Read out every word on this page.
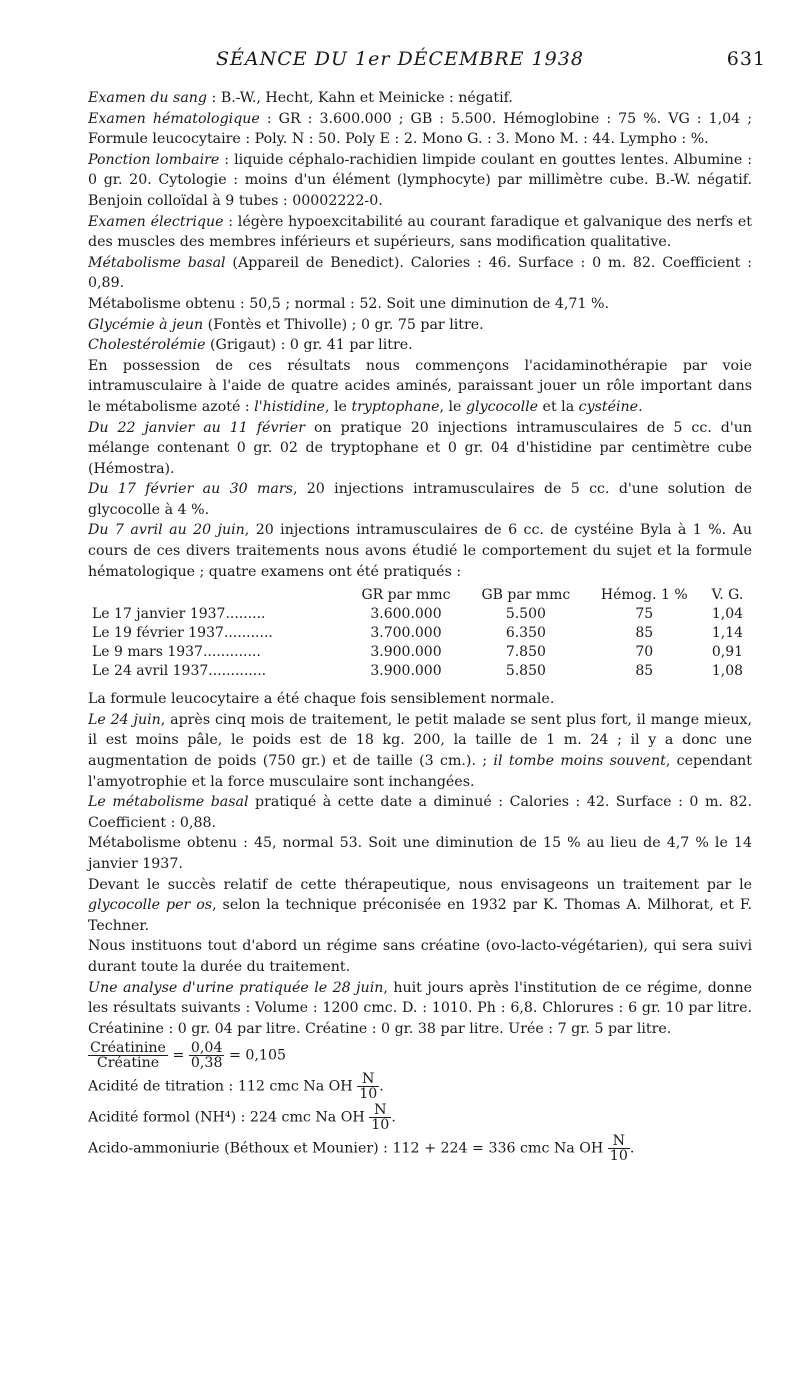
SÉANCE DU 1er DÉCEMBRE 1938	631

Examen du sang : B.-W., Hecht, Kahn et Meinicke : négatif.

Examen hématologique : GR : 3.600.000 ; GB : 5.500. Hémoglobine : 75 %. VG : 1,04 ; Formule leucocytaire : Poly. N : 50. Poly E : 2. Mono G. : 3. Mono M. : 44. Lympho : %.

Ponction lombaire : liquide céphalo-rachidien limpide coulant en gouttes lentes. Albumine : 0 gr. 20. Cytologie : moins d'un élément (lymphocyte) par millimètre cube. B.-W. négatif. Benjoin colloïdal à 9 tubes : 00002222-0.

Examen électrique : légère hypoexcitabilité au courant faradique et galvanique des nerfs et des muscles des membres inférieurs et supérieurs, sans modification qualitative.

Métabolisme basal (Appareil de Benedict). Calories : 46. Surface : 0 m. 82. Coefficient : 0,89.

Métabolisme obtenu : 50,5 ; normal : 52. Soit une diminution de 4,71 %.

Glycémie à jeun (Fontès et Thivolle) ; 0 gr. 75 par litre.

Cholestérolémie (Grigaut) : 0 gr. 41 par litre.

En possession de ces résultats nous commençons l'acidaminothérapie par voie intramusculaire à l'aide de quatre acides aminés, paraissant jouer un rôle important dans le métabolisme azoté : l'histidine, le tryptophane, le glycocolle et la cystéine.

Du 22 janvier au 11 février on pratique 20 injections intramusculaires de 5 cc. d'un mélange contenant 0 gr. 02 de tryptophane et 0 gr. 04 d'histidine par centimètre cube (Hémostra).

Du 17 février au 30 mars, 20 injections intramusculaires de 5 cc. d'une solution de glycocolle à 4 %.

Du 7 avril au 20 juin, 20 injections intramusculaires de 6 cc. de cystéine Byla à 1 %. Au cours de ces divers traitements nous avons étudié le comportement du sujet et la formule hématologique ; quatre examens ont été pratiqués :

	GR par mmc	GB par mmc	Hémog. 1 %	V. G.
Le 17 janvier 1937.........	3.600.000	5.500	75	1,04
Le 19 février 1937...........	3.700.000	6.350	85	1,14
Le 9 mars 1937.............	3.900.000	7.850	70	0,91
Le 24 avril 1937.............	3.900.000	5.850	85	1,08

La formule leucocytaire a été chaque fois sensiblement normale.

Le 24 juin, après cinq mois de traitement, le petit malade se sent plus fort, il mange mieux, il est moins pâle, le poids est de 18 kg. 200, la taille de 1 m. 24 ; il y a donc une augmentation de poids (750 gr.) et de taille (3 cm.). ; il tombe moins souvent, cependant l'amyotrophie et la force musculaire sont inchangées.

Le métabolisme basal pratiqué à cette date a diminué : Calories : 42. Surface : 0 m. 82. Coefficient : 0,88.

Métabolisme obtenu : 45, normal 53. Soit une diminution de 15 % au lieu de 4,7 % le 14 janvier 1937.

Devant le succès relatif de cette thérapeutique, nous envisageons un traitement par le glycocolle per os, selon la technique préconisée en 1932 par K. Thomas A. Milhorat, et F. Techner.

Nous instituons tout d'abord un régime sans créatine (ovo-lacto-végétarien), qui sera suivi durant toute la durée du traitement.

Une analyse d'urine pratiquée le 28 juin, huit jours après l'institution de ce régime, donne les résultats suivants : Volume : 1200 cmc. D. : 1010. Ph : 6,8. Chlorures : 6 gr. 10 par litre. Créatinine : 0 gr. 04 par litre. Créatine : 0 gr. 38 par litre. Urée : 7 gr. 5 par litre.

$\frac{\text{Créatinine}}{\text{Créatine}} = \frac{0,04}{0,38} = 0,105$
Acidité de titration : 112 cmc Na OH $\frac{N}{10}$ .
Acidité formol (NH⁴) : 224 cmc Na OH $\frac{N}{10}$ .
Acido-ammoniurie (Béthoux et Mounier) : 112 + 224 = 336 cmc Na OH $\frac{N}{10}$ .
